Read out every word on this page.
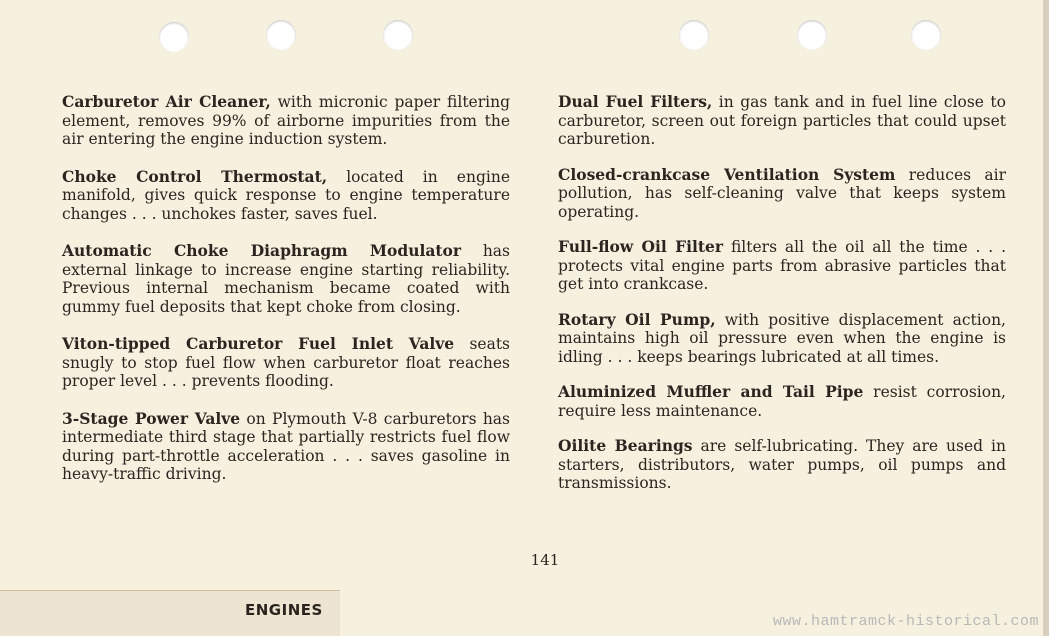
Carburetor Air Cleaner, with micronic paper filtering element, removes 99% of airborne impurities from the air entering the engine induction system.

Choke Control Thermostat, located in engine manifold, gives quick response to engine temperature changes . . . unchokes faster, saves fuel.

Automatic Choke Diaphragm Modulator has external linkage to increase engine starting reliability. Previous internal mechanism became coated with gummy fuel deposits that kept choke from closing.

Viton-tipped Carburetor Fuel Inlet Valve seats snugly to stop fuel flow when carburetor float reaches proper level . . . prevents flooding.

3-Stage Power Valve on Plymouth V-8 carburetors has intermediate third stage that partially restricts fuel flow during part-throttle acceleration . . . saves gasoline in heavy-traffic driving.

Dual Fuel Filters, in gas tank and in fuel line close to carburetor, screen out foreign particles that could upset carburetion.

Closed-crankcase Ventilation System reduces air pollution, has self-cleaning valve that keeps system operating.

Full-flow Oil Filter filters all the oil all the time . . . protects vital engine parts from abrasive particles that get into crankcase.

Rotary Oil Pump, with positive displacement action, maintains high oil pressure even when the engine is idling . . . keeps bearings lubricated at all times.

Aluminized Muffler and Tail Pipe resist corrosion, require less maintenance.

Oilite Bearings are self-lubricating. They are used in starters, distributors, water pumps, oil pumps and transmissions.

141
ENGINES
www.hamtramck-historical.com
